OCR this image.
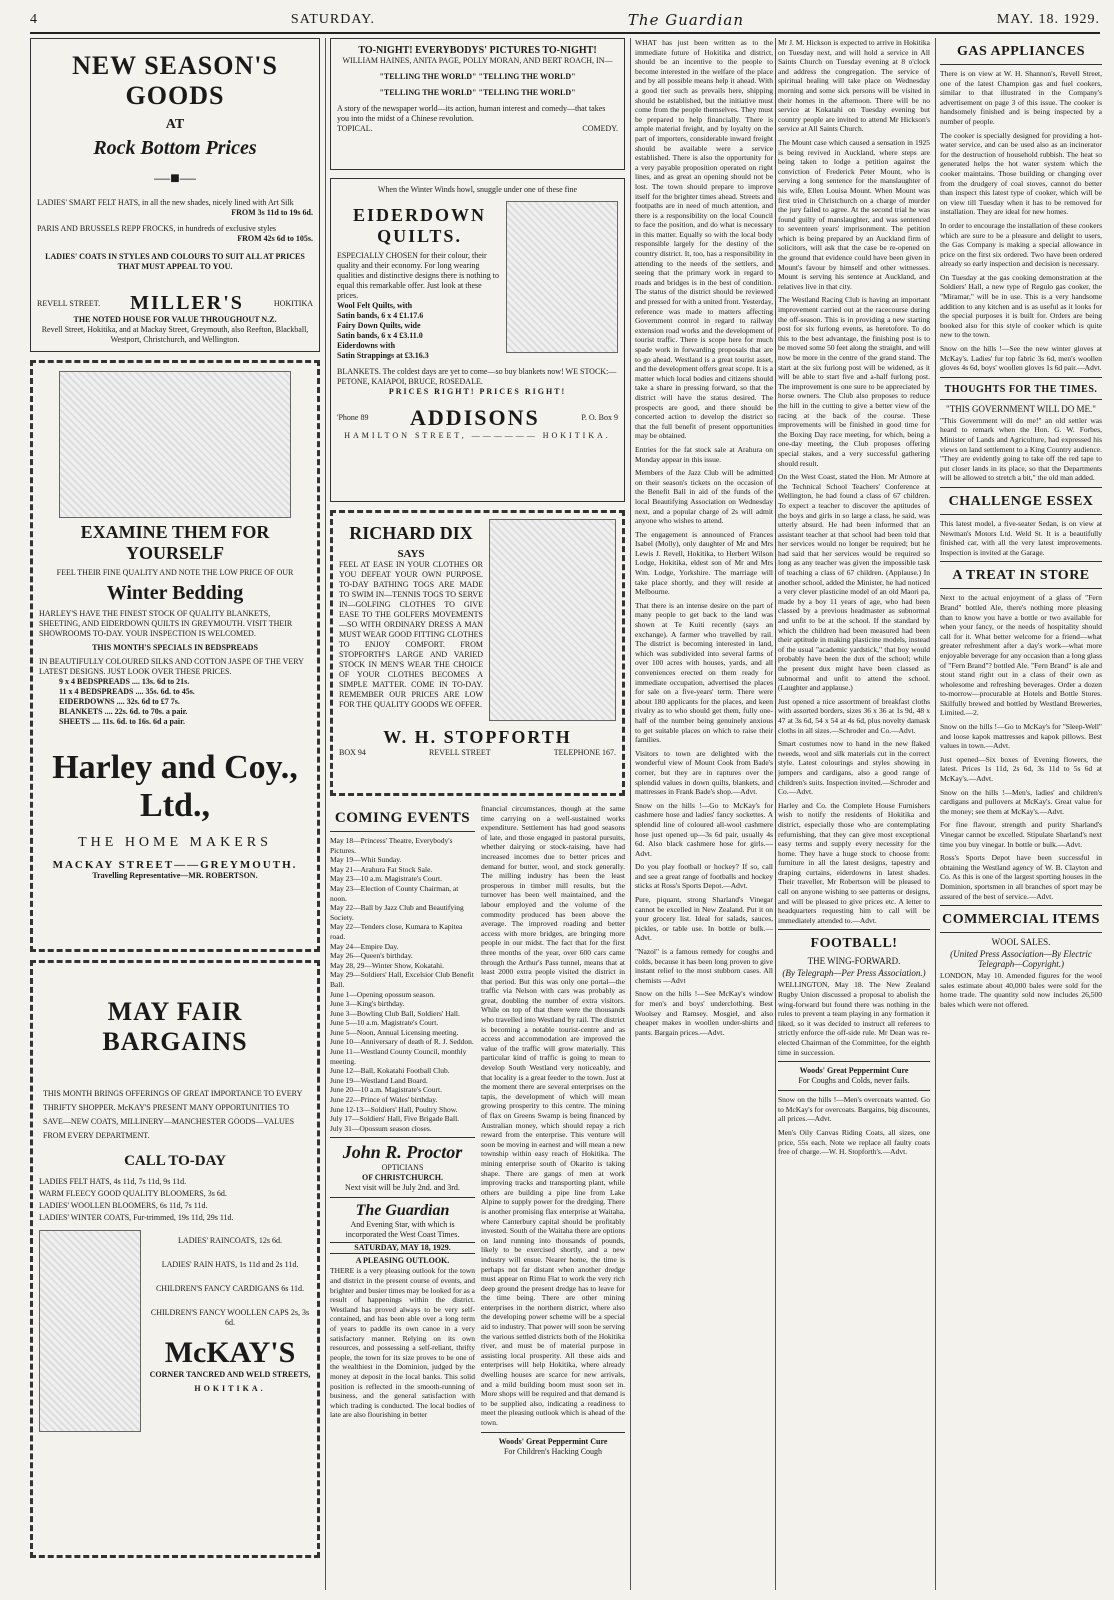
4	SATURDAY.	The Guardian	MAY. 18. 1929.
NEW SEASON'S GOODS
AT
Rock Bottom Prices
—■—
LADIES' SMART FELT HATS, in all the new shades, nicely lined with Art Silk
FROM 3s 11d to 19s 6d.
PARIS AND BRUSSELS REPP FROCKS, in hundreds of exclusive styles
FROM 42s 6d to 105s.
LADIES' COATS IN STYLES AND COLOURS TO SUIT ALL AT PRICES THAT MUST APPEAL TO YOU.
REVELL STREET. MILLER'S	HOKITIKA
THE NOTED HOUSE FOR VALUE THROUGHOUT N.Z.
Revell Street, Hokitika, and at Mackay Street, Greymouth, also Reefton, Blackball, Westport, Christchurch, and Wellington.
EXAMINE THEM FOR YOURSELF
FEEL THEIR FINE QUALITY AND NOTE THE LOW PRICE OF OUR
Winter Bedding
HARLEY'S HAVE THE FINEST STOCK OF QUALITY BLANKETS, SHEETING, AND EIDERDOWN QUILTS IN GREYMOUTH. VISIT THEIR SHOWROOMS TO-DAY. YOUR INSPECTION IS WELCOMED.
THIS MONTH'S SPECIALS IN BEDSPREADS
IN BEAUTIFULLY COLOURED SILKS AND COTTON JASPE OF THE VERY LATEST DESIGNS. JUST LOOK OVER THESE PRICES.
9 x 4 BEDSPREADS .... 13s. 6d to 21s.
11 x 4 BEDSPREADS .... 35s. 6d. to 45s.
EIDERDOWNS .... 32s. 6d to £7 7s.
BLANKETS .... 22s. 6d. to 70s. a pair.
SHEETS .... 11s. 6d. to 16s. 6d a pair.
Harley and Coy., Ltd.,
THE HOME MAKERS
MACKAY STREET——GREYMOUTH.
Travelling Representative—MR. ROBERTSON.
MAY FAIR BARGAINS
THIS MONTH BRINGS OFFERINGS OF GREAT IMPORTANCE TO EVERY THRIFTY SHOPPER. McKAY'S PRESENT MANY OPPORTUNITIES TO SAVE—NEW COATS, MILLINERY—MANCHESTER GOODS—VALUES FROM EVERY DEPARTMENT.
CALL TO-DAY
LADIES FELT HATS, 4s 11d, 7s 11d, 9s 11d.
WARM FLEECY GOOD QUALITY BLOOMERS, 3s 6d.
LADIES' WOOLLEN BLOOMERS, 6s 11d, 7s 11d.
LADIES' WINTER COATS, Fur-trimmed, 19s 11d, 29s 11d.
LADIES' RAINCOATS, 12s 6d.
LADIES' RAIN HATS, 1s 11d and 2s 11d.
CHILDREN'S FANCY CARDIGANS 6s 11d.
CHILDREN'S FANCY WOOLLEN CAPS 2s, 3s 6d.
McKAY'S
CORNER TANCRED AND WELD STREETS,
HOKITIKA.
TO-NIGHT! EVERYBODYS' PICTURES TO-NIGHT!
WILLIAM HAINES, ANITA PAGE, POLLY MORAN, AND BERT ROACH, IN—
"TELLING THE WORLD" "TELLING THE WORLD"
"TELLING THE WORLD" "TELLING THE WORLD"
A story of the newspaper world—its action, human interest and comedy—that takes you into the midst of a Chinese revolution.
TOPICAL.	COMEDY.
When the Winter Winds howl, snuggle under one of these fine
EIDERDOWN QUILTS.
ESPECIALLY CHOSEN for their colour, their quality and their economy. For long wearing qualities and distinctive designs there is nothing to equal this remarkable offer. Just look at these prices.
Wool Felt Quilts, with
Satin bands, 6 x 4 £1.17.6
Fairy Down Quilts, wide
Satin bands, 6 x 4 £3.11.0
Eiderdowns with
Satin Strappings at £3.16.3
BLANKETS. The coldest days are yet to come—so buy blankets now! WE STOCK:—PETONE, KAIAPOI, BRUCE, ROSEDALE.
PRICES RIGHT! PRICES RIGHT!
'Phone 89 ADDISONS	P. O. Box 9
HAMILTON STREET, —————— HOKITIKA.
RICHARD DIX
SAYS
FEEL AT EASE IN YOUR CLOTHES OR YOU DEFEAT YOUR OWN PURPOSE. TO-DAY BATHING TOGS ARE MADE TO SWIM IN—TENNIS TOGS TO SERVE IN—GOLFING CLOTHES TO GIVE EASE TO THE GOLFERS MOVEMENTS—SO WITH ORDINARY DRESS A MAN MUST WEAR GOOD FITTING CLOTHES TO ENJOY COMFORT. FROM STOPFORTH'S LARGE AND VARIED STOCK IN MEN'S WEAR THE CHOICE OF YOUR CLOTHES BECOMES A SIMPLE MATTER. COME IN TO-DAY. REMEMBER OUR PRICES ARE LOW FOR THE QUALITY GOODS WE OFFER.
W. H. STOPFORTH
BOX 94	REVELL STREET	TELEPHONE 167.
COMING EVENTS

May 18—Princess' Theatre, Everybody's Pictures.

May 19—Whit Sunday.

May 21—Arahura Fat Stock Sale.

May 23—10 a.m. Magistrate's Court.

May 23—Election of County Chairman, at noon.

May 22—Ball by Jazz Club and Beautifying Society.

May 22—Tenders close, Kumara to Kapitea road.

May 24—Empire Day.

May 26—Queen's birthday.

May 28, 29—Winter Show, Kokatahi.

May 29—Soldiers' Hall, Excelsior Club Benefit Ball.

June 1—Opening opossum season.

June 3—King's birthday.

June 3—Bowling Club Ball, Soldiers' Hall.

June 5—10 a.m. Magistrate's Court.

June 5—Noon, Annual Licensing meeting.

June 10—Anniversary of death of R. J. Seddon.

June 11—Westland County Council, monthly meeting.

June 12—Ball, Kokatahi Football Club.

June 19—Westland Land Board.

June 20—10 a.m. Magistrate's Court.

June 22—Prince of Wales' birthday.

June 12-13—Soldiers' Hall, Poultry Show.

July 17—Soldiers' Hall, Five Brigade Ball.

July 31—Opossum season closes.

John R. Proctor
OPTICIANS
OF CHRISTCHURCH.
Next visit will be July 2nd. and 3rd.
The Guardian
And Evening Star, with which is incorporated the West Coast Times.
SATURDAY, MAY 18, 1929.
A PLEASING OUTLOOK.
THERE is a very pleasing outlook for the town and district in the present course of events, and brighter and busier times may be looked for as a result of happenings within the district. Westland has proved always to be very self-contained, and has been able over a long term of years to paddle its own canoe in a very satisfactory manner. Relying on its own resources, and possessing a self-reliant, thrifty people, the town for its size proves to be one of the wealthiest in the Dominion, judged by the money at deposit in the local banks. This solid position is reflected in the smooth-running of business, and the general satisfaction with which trading is conducted. The local bodies of late are also flourishing in better
financial circumstances, though at the same time carrying on a well-sustained works expenditure. Settlement has had good seasons of late, and those engaged in pastoral pursuits, whether dairying or stock-raising, have had increased incomes due to better prices and demand for butter, wool, and stock generally. The milling industry has been the least prosperous in timber mill results, but the turnover has been well maintained, and the labour employed and the volume of the commodity produced has been above the average. The improved roading and better access with more bridges, are bringing more people in our midst. The fact that for the first three months of the year, over 600 cars came through the Arthur's Pass tunnel, means that at least 2000 extra people visited the district in that period. But this was only one portal—the traffic via Nelson with cars was probably as great, doubling the number of extra visitors. While on top of that there were the thousands who travelled into Westland by rail. The district is becoming a notable tourist-centre and as access and accommodation are improved the value of the traffic will grow materially. This particular kind of traffic is going to mean to develop South Westland very noticeably, and that locality is a great feeder to the town. Just at the moment there are several enterprises on the tapis, the development of which will mean growing prosperity to this centre. The mining of flax on Greens Swamp is being financed by Australian money, which should repay a rich reward from the enterprise. This venture will soon be moving in earnest and will mean a new township within easy reach of Hokitika. The mining enterprise south of Okarito is taking shape. There are gangs of men at work improving tracks and transporting plant, while others are building a pipe line from Lake Alpine to supply power for the dredging. There is another promising flax enterprise at Waitaha, where Canterbury capital should be profitably invested. South of the Waitaha there are options on land running into thousands of pounds, likely to be exercised shortly, and a new industry will ensue. Nearer home, the time is perhaps not far distant when another dredge must appear on Rimu Flat to work the very rich deep ground the present dredge has to leave for the time being. There are other mining enterprises in the northern district, where also the developing power scheme will be a special aid to industry. That power will soon be serving the various settled districts both of the Hokitika river, and must be of material purpose in assisting local prosperity. All these aids and enterprises will help Hokitika, where already dwelling houses are scarce for new arrivals, and a mild building boom must soon set in. More shops will be required and that demand is to be supplied also, indicating a readiness to meet the pleasing outlook which is ahead of the town.
Woods' Great Peppermint Cure
For Children's Hacking Cough

WHAT has just been written as to the immediate future of Hokitika and district, should be an incentive to the people to become interested in the welfare of the place and by all possible means help it ahead. With a good tier such as prevails here, shipping should be established, but the initiative must come from the people themselves. They must be prepared to help financially. There is ample material freight, and by loyalty on the part of importers, considerable inward freight should be available were a service established. There is also the opportunity for a very payable proposition operated on right lines, and as great an opening should not be lost. The town should prepare to improve itself for the brighter times ahead. Streets and footpaths are in need of much attention, and there is a responsibility on the local Council to face the position, and do what is necessary in this matter. Equally so with the local body responsible largely for the destiny of the country district. It, too, has a responsibility in attending to the needs of the settlers, and seeing that the primary work in regard to roads and bridges is in the best of condition. The status of the district should be reviewed and pressed for with a united front. Yesterday, reference was made to matters affecting Government control in regard to railway extension road works and the development of tourist traffic. There is scope here for much spade work in forwarding proposals that are to go ahead. Westland is a great tourist asset, and the development offers great scope. It is a matter which local bodies and citizens should take a share in pressing forward, so that the district will have the status desired. The prospects are good, and there should be concerted action to develop the district so that the full benefit of present opportunities may be obtained.

Entries for the fat stock sale at Arahura on Monday appear in this issue.

Members of the Jazz Club will be admitted on their season's tickets on the occasion of the Benefit Ball in aid of the funds of the local Beautifying Association on Wednesday next, and a popular charge of 2s will admit anyone who wishes to attend.

The engagement is announced of Frances Isabel (Molly), only daughter of Mr and Mrs Lewis J. Revell, Hokitika, to Herbert Wilson Lodge, Hokitika, eldest son of Mr and Mrs Wm. Lodge, Yorkshire. The marriage will take place shortly, and they will reside at Melbourne.

That there is an intense desire on the part of many people to get back to the land was shown at Te Kuiti recently (says an exchange). A farmer who travelled by rail. The district is becoming interested in land, which was subdivided into several farms of over 100 acres with houses, yards, and all conveniences erected on them ready for immediate occupation, advertised the places for sale on a five-years' term. There were about 180 applicants for the places, and keen rivalry as to who should get them, fully one-half of the number being genuinely anxious to get suitable places on which to raise their families.

Visitors to town are delighted with the wonderful view of Mount Cook from Bade's corner, but they are in raptures over the splendid values in down quilts, blankets, and mattresses in Frank Bade's shop.—Advt.

Snow on the hills !—Go to McKay's for cashmere hose and ladies' fancy sockettes. A splendid line of coloured all-wool cashmere hose just opened up—3s 6d pair, usually 4s 6d. Also black cashmere hose for girls.—Advt.

Do you play football or hockey? If so, call and see a great range of footballs and hockey sticks at Ross's Sports Depot.—Advt.

Pure, piquant, strong Sharland's Vinegar cannot be excelled in New Zealand. Put it on your grocery list. Ideal for salads, sauces, pickles, or table use. In bottle or bulk.—Advt.

"Nazol" is a famous remedy for coughs and colds, because it has been long proven to give instant relief to the most stubborn cases. All chemists —Advt

Snow on the hills !—See McKay's window for men's and boys' underclothing. Best Woolsey and Ramsey. Mosgiel, and also cheaper makes in woollen under-shirts and pants. Bargain prices.—Advt.

Mr J. M. Hickson is expected to arrive in Hokitika on Tuesday next, and will hold a service in All Saints Church on Tuesday evening at 8 o'clock and address the congregation. The service of spiritual healing will take place on Wednesday morning and some sick persons will be visited in their homes in the afternoon. There will be no service at Kokatahi on Tuesday evening but country people are invited to attend Mr Hickson's service at All Saints Church.

The Mount case which caused a sensation in 1925 is being revived in Auckland, where steps are being taken to lodge a petition against the conviction of Frederick Peter Mount, who is serving a long sentence for the manslaughter of his wife, Ellen Louisa Mount. When Mount was first tried in Christchurch on a charge of murder the jury failed to agree. At the second trial he was found guilty of manslaughter, and was sentenced to seventeen years' imprisonment. The petition which is being prepared by an Auckland firm of solicitors, will ask that the case be re-opened on the ground that evidence could have been given in Mount's favour by himself and other witnesses. Mount is serving his sentence at Auckland, and relatives live in that city.

The Westland Racing Club is having an important improvement carried out at the racecourse during the off-season. This is in providing a new starting post for six furlong events, as heretofore. To do this to the best advantage, the finishing post is to be moved some 50 feet along the straight, and will now be more in the centre of the grand stand. The start at the six furlong post will be widened, as it will be able to start five and a-half furlong post. The improvement is one sure to be appreciated by horse owners. The Club also proposes to reduce the hill in the cutting to give a better view of the racing at the back of the course. These improvements will be finished in good time for the Boxing Day race meeting, for which, being a one-day meeting, the Club proposes offering special stakes, and a very successful gathering should result.

On the West Coast, stated the Hon. Mr Atmore at the Technical School Teachers' Conference at Wellington, he had found a class of 67 children. To expect a teacher to discover the aptitudes of the boys and girls in so large a class, he said, was utterly absurd. He had been informed that an assistant teacher at that school had been told that her services would no longer be required; but he had said that her services would be required so long as any teacher was given the impossible task of teaching a class of 67 children. (Applause.) In another school, added the Minister, he had noticed a very clever plasticine model of an old Maori pa, made by a boy 11 years of age, who had been classed by a previous headmaster as subnormal and unfit to be at the school. If the standard by which the children had been measured had been their aptitude in making plasticine models, instead of the usual "academic yardstick," that boy would probably have been the dux of the school; while the present dux might have been classed as subnormal and unfit to attend the school. (Laughter and applause.)

Just opened a nice assortment of breakfast cloths with assorted borders, sizes 36 x 36 at 1s 9d, 48 x 47 at 3s 6d, 54 x 54 at 4s 6d, plus novelty damask cloths in all sizes.—Schroder and Co.—Advt.

Smart costumes now to hand in the new flaked tweeds, wool and silk materials cut in the correct style. Latest colourings and styles showing in jumpers and cardigans, also a good range of children's suits. Inspection invited.—Schroder and Co.—Advt.

Harley and Co. the Complete House Furnishers wish to notify the residents of Hokitika and district, especially those who are contemplating refurnishing, that they can give most exceptional easy terms and supply every necessity for the home. They have a huge stock to choose from: furniture in all the latest designs, tapestry and draping curtains, eiderdowns in latest shades. Their traveller, Mr Robertson will be pleased to call on anyone wishing to see patterns or designs, and will be pleased to give prices etc. A letter to headquarters requesting him to call will be immediately attended to.—Advt.

FOOTBALL!
THE WING-FORWARD.
(By Telegraph—Per Press Association.)

WELLINGTON, May 18. The New Zealand Rugby Union discussed a proposal to abolish the wing-forward but found there was nothing in the rules to prevent a team playing in any formation it liked, so it was decided to instruct all referees to strictly enforce the off-side rule. Mr Dean was re-elected Chairman of the Committee, for the eighth time in succession.

Woods' Great Peppermint Cure
For Coughs and Colds, never fails.

Snow on the hills !—Men's overcoats wanted. Go to McKay's for overcoats. Bargains, big discounts, all prices.—Advt.

Men's Oily Canvas Riding Coats, all sizes, one price, 55s each. Note we replace all faulty coats free of charge.—W. H. Stopforth's.—Advt.

GAS APPLIANCES

There is on view at W. H. Shannon's, Revell Street, one of the latest Champion gas and fuel cookers, similar to that illustrated in the Company's advertisement on page 3 of this issue. The cooker is handsomely finished and is being inspected by a number of people.

The cooker is specially designed for providing a hot-water service, and can be used also as an incinerator for the destruction of household rubbish. The heat so generated helps the hot water system which the cooker maintains. Those building or changing over from the drudgery of coal stoves, cannot do better than inspect this latest type of cooker, which will be on view till Tuesday when it has to be removed for installation. They are ideal for new homes.

In order to encourage the installation of these cookers which are sure to be a pleasure and delight to users, the Gas Company is making a special allowance in price on the first six ordered. Two have been ordered already so early inspection and decision is necessary.

On Tuesday at the gas cooking demonstration at the Soldiers' Hall, a new type of Regulo gas cooker, the "Miramar," will be in use. This is a very handsome addition to any kitchen and is as useful as it looks for the special purposes it is built for. Orders are being booked also for this style of cooker which is quite new to the town.

Snow on the hills !—See the new winter gloves at McKay's. Ladies' fur top fabric 3s 6d, men's woollen gloves 4s 6d, boys' woollen gloves 1s 6d pair.—Advt.

THOUGHTS FOR THE TIMES.
"THIS GOVERNMENT WILL DO ME."

"This Government will do me!" an old settler was heard to remark when the Hon. G. W. Forbes, Minister of Lands and Agriculture, had expressed his views on land settlement to a King Country audience. "They are evidently going to take off the red tape to put closer lands in its place, so that the Departments will be allowed to stretch a bit," the old man added.

CHALLENGE ESSEX

This latest model, a five-seater Sedan, is on view at Newman's Motors Ltd. Weld St. It is a beautifully finished car, with all the very latest improvements. Inspection is invited at the Garage.

A TREAT IN STORE

Next to the actual enjoyment of a glass of "Fern Brand" bottled Ale, there's nothing more pleasing than to know you have a bottle or two available for when your fancy, or the needs of hospitality should call for it. What better welcome for a friend—what greater refreshment after a day's work—what more enjoyable beverage for any occasion than a long glass of "Fern Brand"? bottled Ale. "Fern Brand" is ale and stout stand right out in a class of their own as wholesome and refreshing beverages. Order a dozen to-morrow—procurable at Hotels and Bottle Stores. Skilfully brewed and bottled by Westland Breweries, Limited.—2.

Snow on the hills !—Go to McKay's for "Sleep-Well" and loose kapok mattresses and kapok pillows. Best values in town.—Advt.

Just opened—Six boxes of Evening flowers, the latest. Prices 1s 11d, 2s 6d, 3s 11d to 5s 6d at McKay's.—Advt.

Snow on the hills !—Men's, ladies' and children's cardigans and pullovers at McKay's. Great value for the money; see them at McKay's.—Advt.

For fine flavour, strength and purity Sharland's Vinegar cannot be excelled. Stipulate Sharland's next time you buy vinegar. In bottle or bulk.—Advt.

Ross's Sports Depot have been successful in obtaining the Westland agency of W. B. Clayton and Co. As this is one of the largest sporting houses in the Dominion, sportsmen in all branches of sport may be assured of the best of service.—Advt.

COMMERCIAL ITEMS
WOOL SALES.
(United Press Association—By Electric Telegraph—Copyright.)

LONDON, May 10. Amended figures for the wool sales estimate about 40,000 bales were sold for the home trade. The quantity sold now includes 26,500 bales which were not offered.
